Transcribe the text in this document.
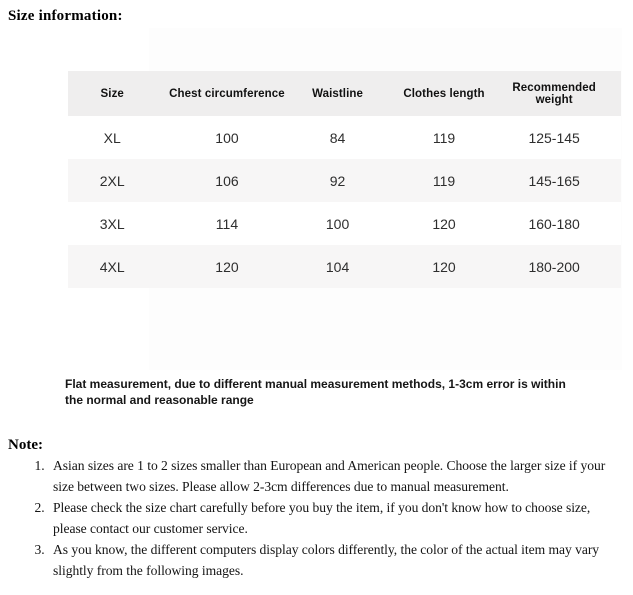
Size information:
Size	Chest circumference	Waistline	Clothes length	Recommended weight
XL	100	84	119	125-145
2XL	106	92	119	145-165
3XL	114	100	120	160-180
4XL	120	104	120	180-200

Flat measurement, due to different manual measurement methods, 1-3cm error is within the normal and reasonable range

Note:
1. Asian sizes are 1 to 2 sizes smaller than European and American people. Choose the larger size if your size between two sizes. Please allow 2-3cm differences due to manual measurement.
2. Please check the size chart carefully before you buy the item, if you don't know how to choose size, please contact our customer service.
3. As you know, the different computers display colors differently, the color of the actual item may vary slightly from the following images.
